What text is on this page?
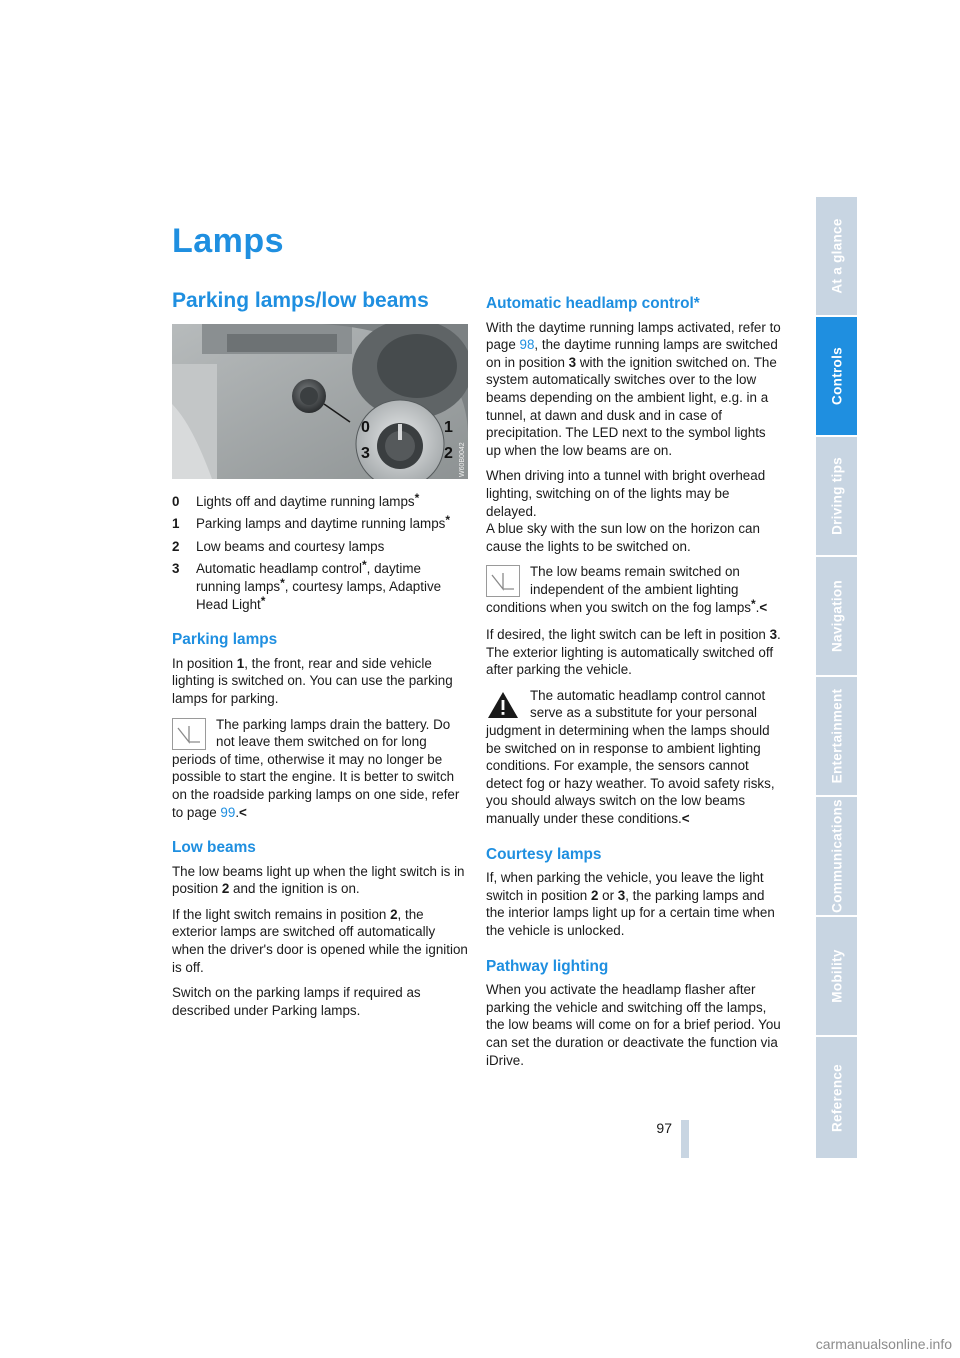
Lamps
Parking lamps/low beams
0	1
3	2 W60B0042
0	Lights off and daytime running lamps*
1	Parking lamps and daytime running lamps*
2	Low beams and courtesy lamps
3	Automatic headlamp control*, daytime running lamps*, courtesy lamps, Adaptive Head Light*
Parking lamps

In position 1, the front, rear and side vehicle lighting is switched on. You can use the parking lamps for parking.

The parking lamps drain the battery. Do not leave them switched on for long periods of time, otherwise it may no longer be possible to start the engine. It is better to switch on the roadside parking lamps on one side, refer to page 99.<
Low beams

The low beams light up when the light switch is in position 2 and the ignition is on.

If the light switch remains in position 2, the exterior lamps are switched off automatically when the driver's door is opened while the ignition is off.

Switch on the parking lamps if required as described under Parking lamps.

Automatic headlamp control*

With the daytime running lamps activated, refer to page 98, the daytime running lamps are switched on in position 3 with the ignition switched on. The system automatically switches over to the low beams depending on the ambient light, e.g. in a tunnel, at dawn and dusk and in case of precipitation. The LED next to the symbol lights up when the low beams are on.

When driving into a tunnel with bright overhead lighting, switching on of the lights may be delayed.

A blue sky with the sun low on the horizon can cause the lights to be switched on.

The low beams remain switched on independent of the ambient lighting conditions when you switch on the fog lamps*.<

If desired, the light switch can be left in position 3. The exterior lighting is automatically switched off after parking the vehicle.

The automatic headlamp control cannot serve as a substitute for your personal judgment in determining when the lamps should be switched on in response to ambient lighting conditions. For example, the sensors cannot detect fog or hazy weather. To avoid safety risks, you should always switch on the low beams manually under these conditions.<
Courtesy lamps

If, when parking the vehicle, you leave the light switch in position 2 or 3, the parking lamps and the interior lamps light up for a certain time when the vehicle is unlocked.

Pathway lighting

When you activate the headlamp flasher after parking the vehicle and switching off the lamps, the low beams will come on for a brief period. You can set the duration or deactivate the function via iDrive.

At a glance
Controls
Driving tips
Navigation
Entertainment
Communications
Mobility
Reference
97
carmanualsonline.info
